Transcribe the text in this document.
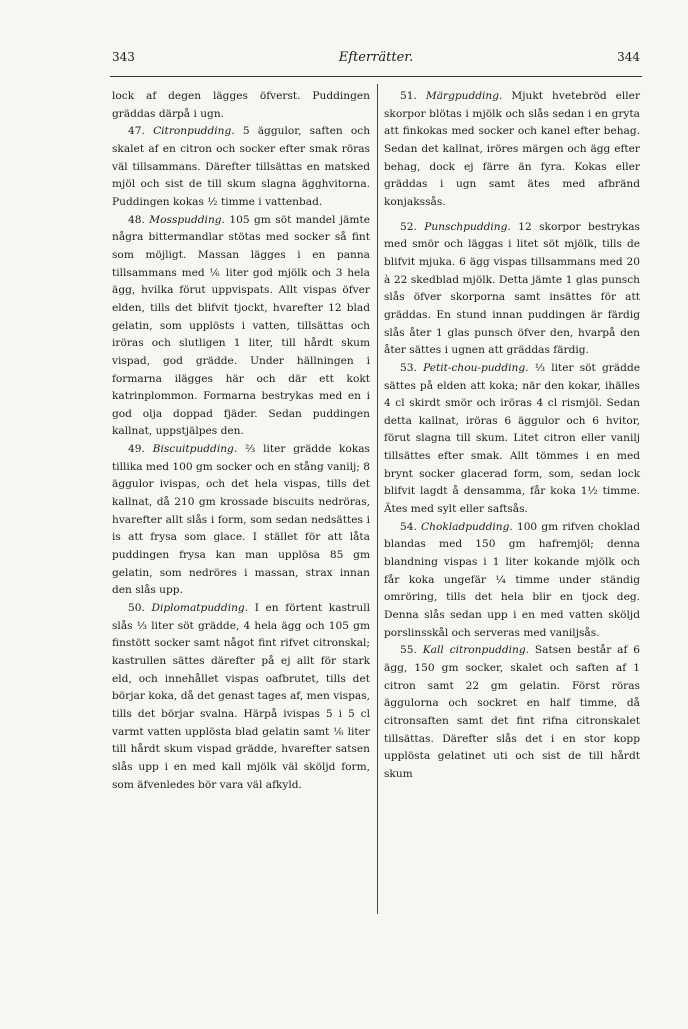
343	Efterrätter.	344

lock af degen lägges öfverst. Puddingen gräddas därpå i ugn.

47. Citronpudding. 5 äggulor, saften och skalet af en citron och socker efter smak röras väl tillsammans. Därefter tillsättas en matsked mjöl och sist de till skum slagna ägghvitorna. Puddingen kokas ½ timme i vattenbad.

48. Mosspudding. 105 gm söt mandel jämte några bittermandlar stötas med socker så fint som möjligt. Massan lägges i en panna tillsammans med ⅙ liter god mjölk och 3 hela ägg, hvilka förut uppvispats. Allt vispas öfver elden, tills det blifvit tjockt, hvarefter 12 blad gelatin, som upplösts i vatten, tillsättas och iröras och slutligen 1 liter, till hårdt skum vispad, god grädde. Under hällningen i formarna ilägges här och där ett kokt katrinplommon. Formarna bestrykas med en i god olja doppad fjäder. Sedan puddingen kallnat, uppstjälpes den.

49. Biscuitpudding. ⅔ liter grädde kokas tillika med 100 gm socker och en stång vanilj; 8 äggulor ivispas, och det hela vispas, tills det kallnat, då 210 gm krossade biscuits nedröras, hvarefter allt slås i form, som sedan nedsättes i is att frysa som glace. I stället för att låta puddingen frysa kan man upplösa 85 gm gelatin, som nedröres i massan, strax innan den slås upp.

50. Diplomatpudding. I en förtent kastrull slås ⅓ liter söt grädde, 4 hela ägg och 105 gm finstött socker samt något fint rifvet citronskal; kastrullen sättes därefter på ej allt för stark eld, och innehållet vispas oafbrutet, tills det börjar koka, då det genast tages af, men vispas, tills det börjar svalna. Härpå ivispas 5 i 5 cl varmt vatten upplösta blad gelatin samt ⅙ liter till hårdt skum vispad grädde, hvarefter satsen slås upp i en med kall mjölk väl sköljd form, som äfvenledes bör vara väl afkyld.

51. Märgpudding. Mjukt hvetebröd eller skorpor blötas i mjölk och slås sedan i en gryta att finkokas med socker och kanel efter behag. Sedan det kallnat, iröres märgen och ägg efter behag, dock ej färre än fyra. Kokas eller gräddas i ugn samt ätes med afbränd konjakssås.

52. Punschpudding. 12 skorpor bestrykas med smör och läggas i litet söt mjölk, tills de blifvit mjuka. 6 ägg vispas tillsammans med 20 à 22 skedblad mjölk. Detta jämte 1 glas punsch slås öfver skorporna samt insättes för att gräddas. En stund innan puddingen är färdig slås åter 1 glas punsch öfver den, hvarpå den åter sättes i ugnen att gräddas färdig.

53. Petit-chou-pudding. ⅓ liter söt grädde sättes på elden att koka; när den kokar, ihälles 4 cl skirdt smör och iröras 4 cl rismjöl. Sedan detta kallnat, iröras 6 äggulor och 6 hvitor, förut slagna till skum. Litet citron eller vanilj tillsättes efter smak. Allt tömmes i en med brynt socker glacerad form, som, sedan lock blifvit lagdt å densamma, får koka 1½ timme. Ätes med sylt eller saftsås.

54. Chokladpudding. 100 gm rifven choklad blandas med 150 gm hafremjöl; denna blandning vispas i 1 liter kokande mjölk och får koka ungefär ¼ timme under ständig omröring, tills det hela blir en tjock deg. Denna slås sedan upp i en med vatten sköljd porslinsskål och serveras med vaniljsås.

55. Kall citronpudding. Satsen består af 6 ägg, 150 gm socker, skalet och saften af 1 citron samt 22 gm gelatin. Först röras äggulorna och sockret en half timme, då citronsaften samt det fint rifna citronskalet tillsättas. Därefter slås det i en stor kopp upplösta gelatinet uti och sist de till hårdt skum
